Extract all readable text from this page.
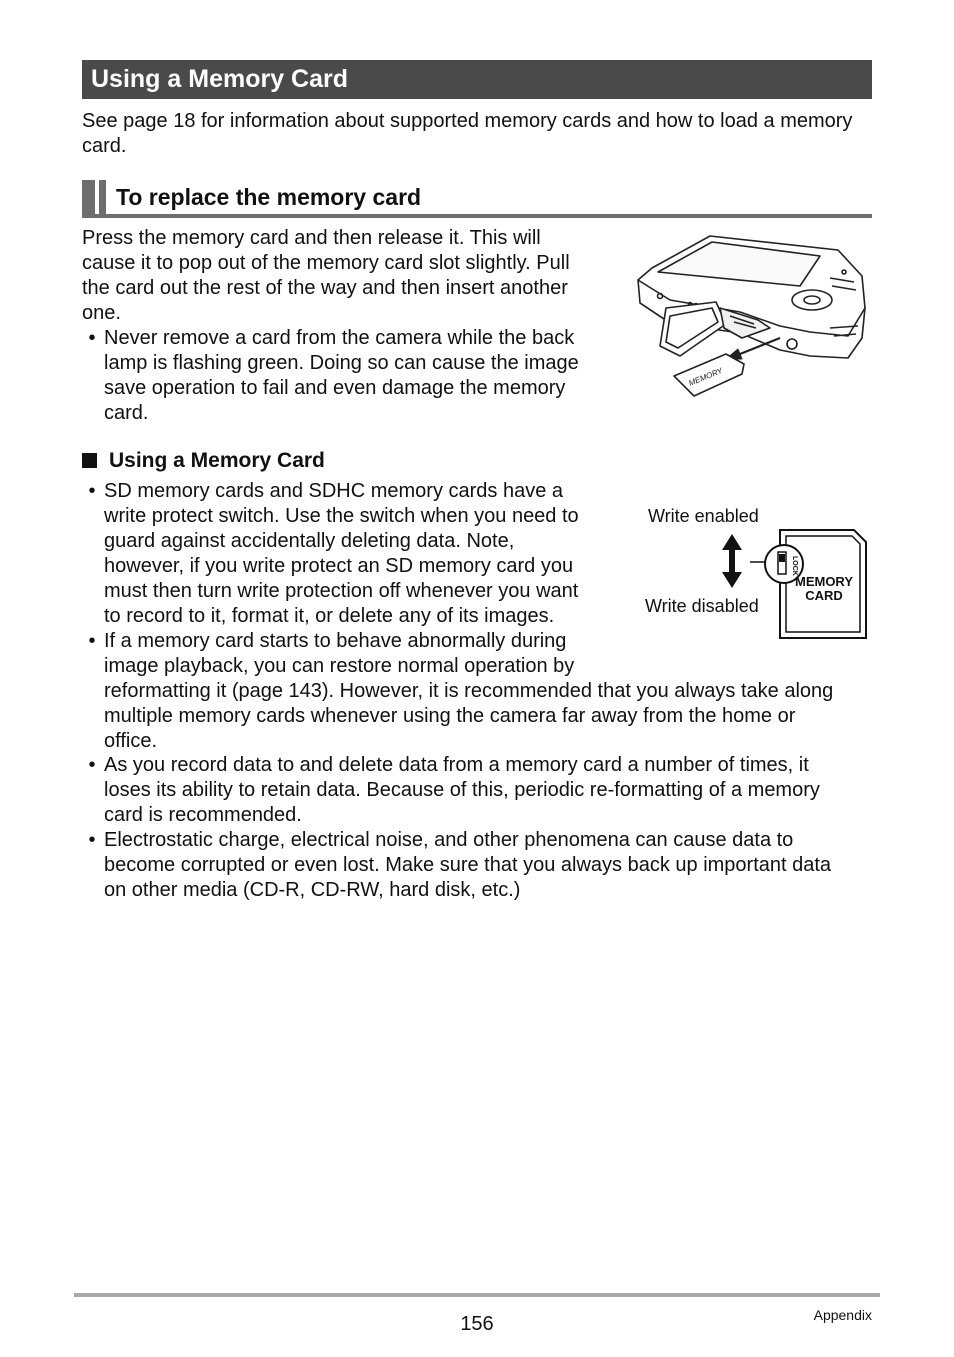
Using a Memory Card
See page 18 for information about supported memory cards and how to load a memory card.
To replace the memory card
Press the memory card and then release it. This will
cause it to pop out of the memory card slot slightly. Pull
the card out the rest of the way and then insert another
one.
• Never remove a card from the camera while the back
lamp is flashing green. Doing so can cause the image
save operation to fail and even damage the memory
card.
MEMORY
Using a Memory Card
• SD memory cards and SDHC memory cards have a
write protect switch. Use the switch when you need to
guard against accidentally deleting data. Note,
however, if you write protect an SD memory card you
must then turn write protection off whenever you want
to record to it, format it, or delete any of its images.
• If a memory card starts to behave abnormally during
image playback, you can restore normal operation by
reformatting it (page 143). However, it is recommended that you always take along
multiple memory cards whenever using the camera far away from the home or
office.
• As you record data to and delete data from a memory card a number of times, it
loses its ability to retain data. Because of this, periodic re-formatting of a memory
card is recommended.
• Electrostatic charge, electrical noise, and other phenomena can cause data to
become corrupted or even lost. Make sure that you always back up important data
on other media (CD-R, CD-RW, hard disk, etc.)
Write enabled
Write disabled
LOCK
MEMORY
CARD
156	Appendix
